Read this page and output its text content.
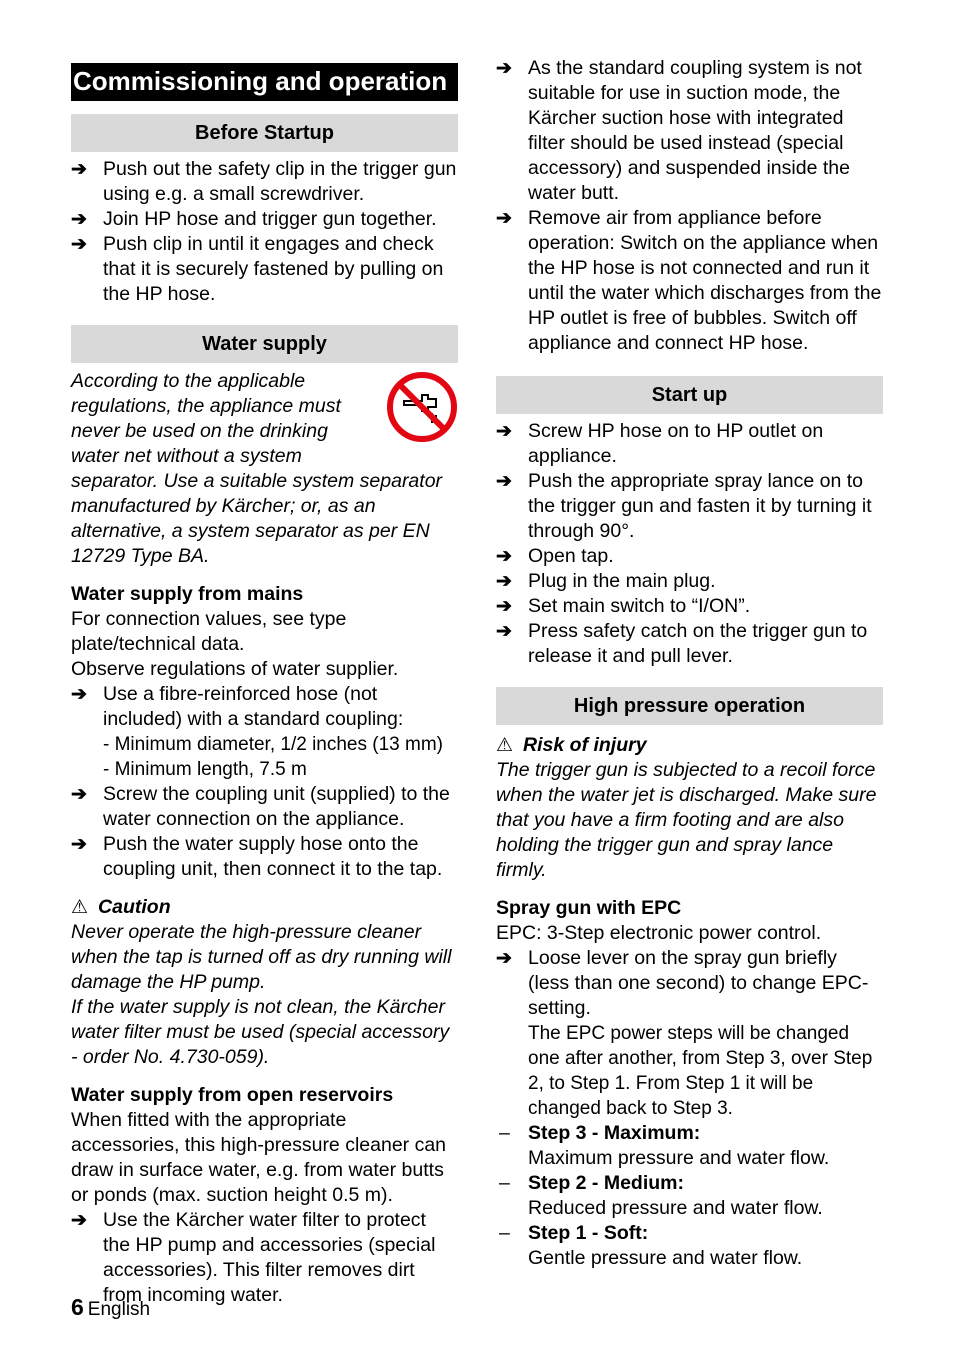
Commissioning and operation
Before Startup
➔ Push out the safety clip in the trigger gun using e.g. a small screwdriver.
➔ Join HP hose and trigger gun together.
➔ Push clip in until it engages and check that it is securely fastened by pulling on the HP hose.
Water supply
According to the applicable regulations, the appliance must never be used on the drinking water net without a system separator. Use a suitable system separator manufactured by Kärcher; or, as an alternative, a system separator as per EN 12729 Type BA.
Water supply from mains
For connection values, see type plate/technical data.
Observe regulations of water supplier.
➔ Use a fibre-reinforced hose (not included) with a standard coupling:
- Minimum diameter, 1/2 inches (13 mm)
- Minimum length, 7.5 m
➔ Screw the coupling unit (supplied) to the water connection on the appliance.
➔ Push the water supply hose onto the coupling unit, then connect it to the tap.
⚠ Caution
Never operate the high-pressure cleaner when the tap is turned off as dry running will damage the HP pump.
If the water supply is not clean, the Kärcher water filter must be used (special accessory - order No. 4.730-059).
Water supply from open reservoirs
When fitted with the appropriate accessories, this high-pressure cleaner can draw in surface water, e.g. from water butts or ponds (max. suction height 0.5 m).
➔ Use the Kärcher water filter to protect the HP pump and accessories (special accessories). This filter removes dirt from incoming water.
➔ As the standard coupling system is not suitable for use in suction mode, the Kärcher suction hose with integrated filter should be used instead (special accessory) and suspended inside the water butt.
➔ Remove air from appliance before operation: Switch on the appliance when the HP hose is not connected and run it until the water which discharges from the HP outlet is free of bubbles. Switch off appliance and connect HP hose.
Start up
➔ Screw HP hose on to HP outlet on appliance.
➔ Push the appropriate spray lance on to the trigger gun and fasten it by turning it through 90°.
➔ Open tap.
➔ Plug in the main plug.
➔ Set main switch to “I/ON”.
➔ Press safety catch on the trigger gun to release it and pull lever.
High pressure operation
⚠ Risk of injury
The trigger gun is subjected to a recoil force when the water jet is discharged. Make sure that you have a firm footing and are also holding the trigger gun and spray lance firmly.
Spray gun with EPC
EPC: 3-Step electronic power control.
➔ Loose lever on the spray gun briefly (less than one second) to change EPC-setting.
The EPC power steps will be changed one after another, from Step 3, over Step 2, to Step 1. From Step 1 it will be changed back to Step 3.
– Step 3 - Maximum:
Maximum pressure and water flow.
– Step 2 - Medium:
Reduced pressure and water flow.
– Step 1 - Soft:
Gentle pressure and water flow.
6 English
